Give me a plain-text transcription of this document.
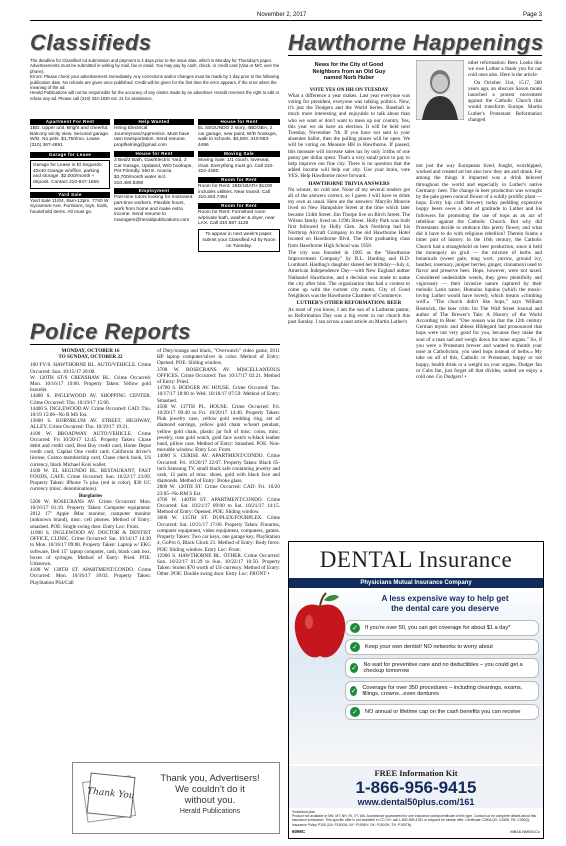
November 2, 2017	Page 3
Classifieds
The deadline for Classified Ad submission and payment is 4 days prior to the issue date, which is Monday for Thursday's paper. Advertisements must be submitted in writing by mail, fax or email. You may pay by cash, check, or credit card (Visa or M/C over the phone).
Errors: Please check your advertisement immediately. Any corrections and/or changes must be made by 1 day prior to the following publication date. No refunds are given once published. Credit will be given for the first time the error appears, if the error alters the meaning of the ad.
Herald Publications will not be responsible for the accuracy of any claims made by an advertiser. Herald reserves the right to edit or refuse any ad. Please call (310) 322-1830 ext. 21 for assistance.
Apartment For Rent
1BD. Upper unit. Bright and cheerful. Balcony w/city view. Secured garage. W/D. No pets. $1,750/mo. Lease. (310) 367-4891
Garage for Lease
Garage for Lease in El Segundo: 40x40 Garage w/office, parking and storage. $2,000/month + deposit. Contact 310-847-1655
Yard Sale
Yard Sale 11/04, 8am-12pm. 7740 W Sycamore Ave. Furniture, toys, tools, household items. All must go.
Help Wanted
Hiring Electrical Journeyman/Apprentice. Must have own transportation. Send resume. proplhelriing@gmail.com
House for Rent
3 Bed/2 Bath, Gas/Electric Yard, 2 Car Garage, Updated, W/D hookups, Pet Friendly. 550 E. Acacia $3,700/month water incl. 310.480.8390
Employment
Part-time tutors looking for motivated part-time workers. Flexible hours, work from home and make extra income. Send resume to managers@heraldpublications.com
House for Rent
EL SEGUNDO 2 story, 4BD/3BA, 2 car garage, new paint, W/D hookups, walk to schools. $4,500. 310-563-4496
Moving Sale
Moving Sale: 1/1 couch, loveseat, chair. Everything must go. Call 310-322-4480.
Room for Rent
Room for Rent: 1BD/1BATH $1200 includes utilities. Near transit. Call 310.253.7464
Room for Rent
Room for Rent: Furnished room w/private bath, washer & dryer, near LAX. Call 310.987.1125
To appear in next week's paper, submit your Classified Ad by Noon on Tuesday.
Police Reports
MONDAY, OCTOBER 16
TO SUNDAY, OCTOBER 22

100 FY/S. HAWTHORNE BL. AUTO/VEHICLE. Crime Occurred: Sun. 10/15/17 20:00.

W. 120TH ST/S CRENSHAW BL. Crime Occurred: Mon. 10/16/17 10:00. Property Taken: Yellow gold bracelet.

14400 S. INGLEWOOD AV. SHOPPING CENTER. Crime Occurred: Thu. 10/19/17 15:06.

14400 S. INGLEWOOD AV. Crime Occurred: CAD: Thu. 10/19 15:06--No R MS Est.

13600 S. KORNBLUM AV. STREET, HIGHWAY, ALLEY. Crime Occurred: Thu. 10/19/17 19:21.

4100 W. BROADWAY. AUTO/VEHICLE. Crime Occurred: Fri 10/20/17 12:45. Property Taken: Chase debit and credit card, Best Buy credit card, Home Depot credit card, Capital One credit card, California driver's license, Costco membership card, Chase check book, US currency, black Michael Kors wallet.

4100 W. EL SEGUNDO BL. RESTAURANT, FAST FOODS, CAFE. Crime Occurred: Sun. 10/22/17 23:09. Property Taken: iPhone 7s plus (red in color), $30 UC currency (misc. denominations).

Burglaries

5200 W. ROSECRANS AV. Crime Occurred: Mon. 10/16/17 01:10. Property Taken: Computer equipment: 2012 17" Apple iMac monitor, computer monitor (unknown brand), misc. cell phones. Method of Entry: smashed. POE: Single swing door. Entry Loc: Front.

11900 S. INGLEWOOD AV. DOCTOR & DENTIST OFFICE, CLINIC. Crime Occurred: Sat. 10/14/17 14:30 to Mon. 10/16/17 09:00. Property Taken: Laptop w/ EKG software, Dell 15" laptop computer, cash, black cash box, boxes of syringes. Method of Entry: Pried. POE: Unknown.

4100 W. 138TH ST. APARTMENT/CONDO. Crime Occurred: Mon. 10/16/17 18:02. Property Taken: PlayStation PS4/Call

of Duty/orange and black, "Overwatch" video game, 2011 HP laptop computer/silver in color. Method of Entry: Opened. POE: Sliding window.

3700 W. ROSECRANS AV. MISCELLANEOUS OFFICES. Crime Occurred: Tue. 10/17/17 02:21. Method of Entry: Pried.

14700 S. BODGER AV. HOUSE. Crime Occurred: Tue. 10/17/17 18:00 to Wed. 10/18/17 07:59. Method of Entry: Smashed.

4500 W. 137TH PL. HOUSE. Crime Occurred: Fri. 10/20/17 09:40 to Fri. 10/20/17 14:40. Property Taken: Pink jewelry case, yellow gold wedding ring, set of diamond earrings, yellow gold chain w/heart pendant, yellow gold chain, plastic jar full of misc. coins, misc. jewelry, rose gold watch, gold face watch w/black leather band, pillow case. Method of Entry: Smashed. POE: Non-movable window. Entry Loc: Front.

14000 S. CERISE AV. APARTMENT/CONDO. Crime Occurred: Fri. 10/20/17 22:07. Property Taken: Black 65-inch Samsung TV, small black safe containing jewelry and cash, 12 pairs of misc. shoes, gold with black face and diamonds. Method of Entry: Broke glass.

2800 W. 120TH ST. Crime Occurred: CAD: Fri. 10/20 23:05--No RM S Est.

4700 W. 140TH ST. APARTMENT/CONDO. Crime Occurred: Sat. 10/21/17 09:00 to Sat. 10/21/17 14:15. Method of Entry: Opened. POE: Sliding window.

3600 W. 135TH ST. DUPLEX/FOURPLEX. Crime Occurred: Sat. 10/21/17 17:06. Property Taken: Firearms, computer equipment, video equipment, computers, games. Property Taken: Two car keys, one garage key, PlayStation 4, GoPro 6, Black Glock 21. Method of Entry: Body force. POE: Sliding window. Entry Loc: Front.

12900 S. HAWTHORNE BL. OTHER. Crime Occurred: Sun. 10/22/17 01:39 to Sun. 10/22/17 10:50. Property Taken: Stolen $70 worth of US currency. Method of Entry: Other. POE: Double swing door. Entry Loc: FRONT •

Thank You
Thank you, Advertisers!
We couldn't do it
without you.
Herald Publications
Hawthorne Happenings
News for the City of Good
Neighbors from an Old Guy
named Norb Huber
VOTE YES ON HH ON TUESDAY

What a difference a year makes. Last year everyone was voting for president, everyone was talking politics. Now, it's just the Dodgers and the World Series. Baseball is much more interesting and enjoyable to talk about than who we want or don't want to mess up our country. Yes, this year we do have an election. It will be held next Tuesday, November 7th. If you have not sent in your absentee ballot, then the polling places will be open. We will be voting on Measure HH in Hawthorne. If passed, this measure will increase sales tax by only 3/4ths of one penny per dollar spent. That's a very small price to pay to help improve our fine city. There is no question that the added income will help our city. Use your brain, vote YES. Help Hawthorne move forward.

HAWTHORNE TRIVIA ANSWERS

No winner, no cold one. None of my several readers got all of the answers correct, so I guess I will have to drink my own as usual. Here are the answers: Marylin Monroe lived on New Hampshire Street at the time which later became 134th Street. Jim Thorpe live on Birch Street. The Wilson family lived on 119th Street. Holly Park was built first followed by Holly Glen. Jack Northrop had his Northrop Aircraft Company in the old Hawthorne Hotel located on Hawthorne Blvd. The first graduating class from Hawthorne High School was 1958.

The city was founded in 1905 as the "Hawthorne Improvement Company" by B.L. Harding and H.D. Lombard. Harding's daughter shared her birthday—July 4, American Independence Day—with New England author Nathaniel Hawthorne, and a decision was made to name the city after him. The organization that had a contest to come up with the current city motto, City of Good Neighbors was the Hawthorne Chamber of Commerce.

LUTHER'S OTHER REFORMATION: BEER

As most of you know, I am the son of a Lutheran pastor, so Reformation Day was a big event in our church this past Sunday. I ran across a neat article on Martin Luther's

other reformation: Beer. Looks like we owe Luther a thank you for our cold ones also. Here is the article:

On October 31st, 1517, 500 years ago, an obscure Saxon monk launched a protest movement against the Catholic Church that would transform Europe. Martin Luther's Protestant Reformation changed

not just the way Europeans lived, fought, worshipped, worked and created art but also how they ate and drank. For among the things it impacted was a drink beloved throughout the world and especially in Luther's native Germany: beer. The change in beer production was wrought by the pale green conical flower of a wildly prolific plant — hops. Every hip craft brewery today peddling expensive hoppy beers owes a debt of gratitude to Luther and his followers for promoting the use of hops as an act of rebellion against the Catholic Church. But why did Protestants decide to embrace this pretty flower, and what did it have to do with religious rebellion? Therein foams a bitter pint of history. In the 16th century, the Catholic Church had a stranglehold on beer production, since it held the monopoly on gruit — the mixture of herbs and botanicals (sweet gale, mug wort, yarrow, ground ivy, heather, rosemary, juniper berries, ginger, cinnamon) used to flavor and preserve beer. Hops, however, were not taxed. Considered undesirable weeds, they grew plentifully and vigorously — their invasive nature captured by their melodic Latin name, Humulus lupulus (which the music-loving Luther would have loved), which means «climbing wolf.» "The church didn't like hops," says William Bostwick, the beer critic for The Wall Street Journal and author of The Brewer's Tale: A History of the World According to Beer. "One reason was that the 12th century German mystic and abbess Hildegard had pronounced that hops were not very good for you, because they make the soul of a man sad and weigh down his inner organs." So, if you were a Protestant brewer and wanted to thumb your nose at Catholicism, you used hops instead of herbs.» My take on all of this, Catholic or Protestant, hoppy or not hoppy, health drink or a weight on your organs, Dodger fan or Cubs fan, just forget all that divides, united we enjoy a cold one. Go Dodgers! •

DENTAL Insurance
Physicians Mutual Insurance Company
A less expensive way to help get
the dental care you deserve
✓	If you're over 50, you can get coverage for about $1 a day*
✓	Keep your own dentist! NO networks to worry about
✓ No wait for preventive care and no deductibles – you could get a checkup tomorrow
✓ Coverage for over 350 procedures – including cleanings, exams, fillings, crowns...even dentures
✓	NO annual or lifetime cap on the cash benefits you can receive
FREE Information Kit
1-866-956-9415
www.dental50plus.com/161
*Individual plan.
Product not available in MN, MT, NH, RI, VT, WA. Acceptance guaranteed for one insurance policy/certificate of this type. Contact us for complete details about this insurance solicitation. This specific offer is not available in CO, NY; call 1-800-969-4781 or respond for similar offer. Certificate C250A (ID: C250E; PA: C250Q); Insurance Policy P150 (GA: P150GA; NY: P150NY; OK: P150OK; TN: P150TN)
6096C	MB16-NM001Cc
